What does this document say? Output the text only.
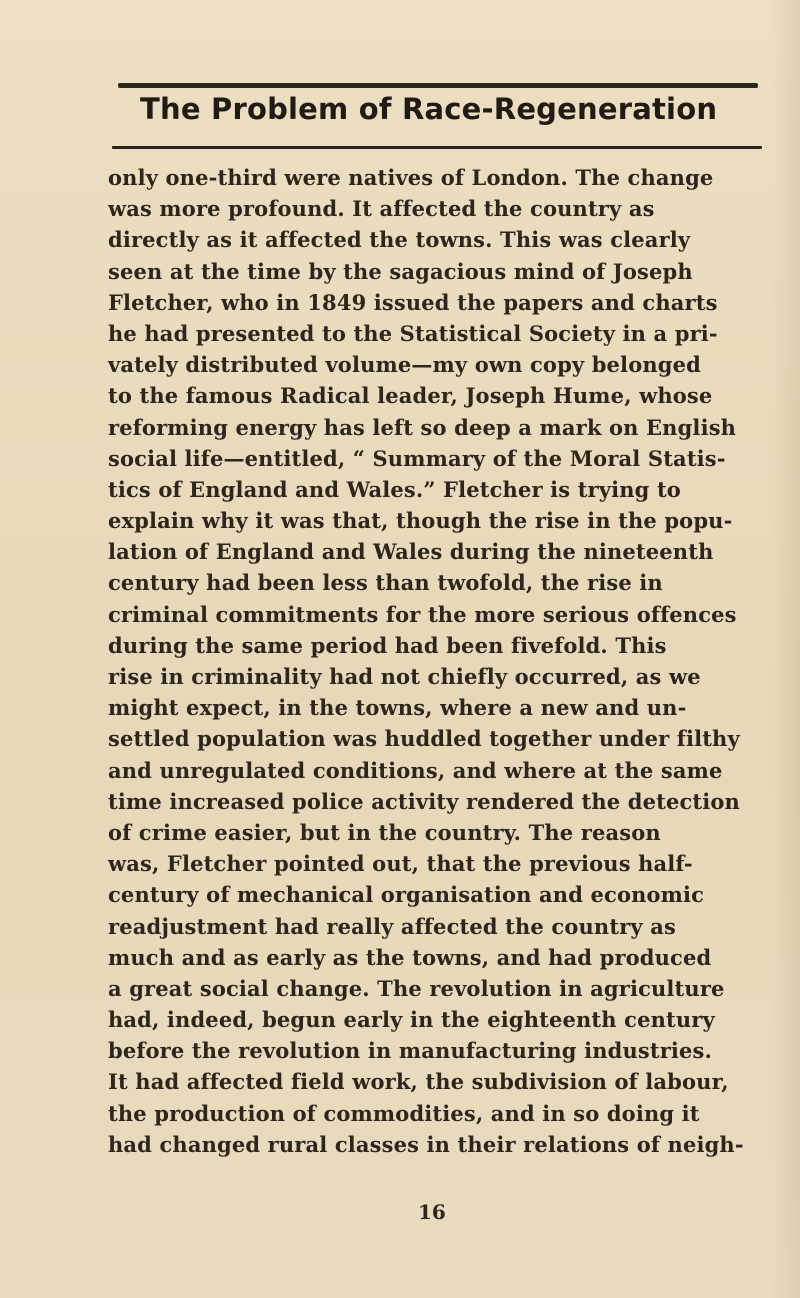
The Problem of Race-Regeneration
only one-third were natives of London. The change
was more profound. It affected the country as
directly as it affected the towns. This was clearly
seen at the time by the sagacious mind of Joseph
Fletcher, who in 1849 issued the papers and charts
he had presented to the Statistical Society in a pri-
vately distributed volume—my own copy belonged
to the famous Radical leader, Joseph Hume, whose
reforming energy has left so deep a mark on English
social life—entitled, “ Summary of the Moral Statis-
tics of England and Wales.” Fletcher is trying to
explain why it was that, though the rise in the popu-
lation of England and Wales during the nineteenth
century had been less than twofold, the rise in
criminal commitments for the more serious offences
during the same period had been fivefold. This
rise in criminality had not chiefly occurred, as we
might expect, in the towns, where a new and un-
settled population was huddled together under filthy
and unregulated conditions, and where at the same
time increased police activity rendered the detection
of crime easier, but in the country. The reason
was, Fletcher pointed out, that the previous half-
century of mechanical organisation and economic
readjustment had really affected the country as
much and as early as the towns, and had produced
a great social change. The revolution in agriculture
had, indeed, begun early in the eighteenth century
before the revolution in manufacturing industries.
It had affected field work, the subdivision of labour,
the production of commodities, and in so doing it
had changed rural classes in their relations of neigh-
16
